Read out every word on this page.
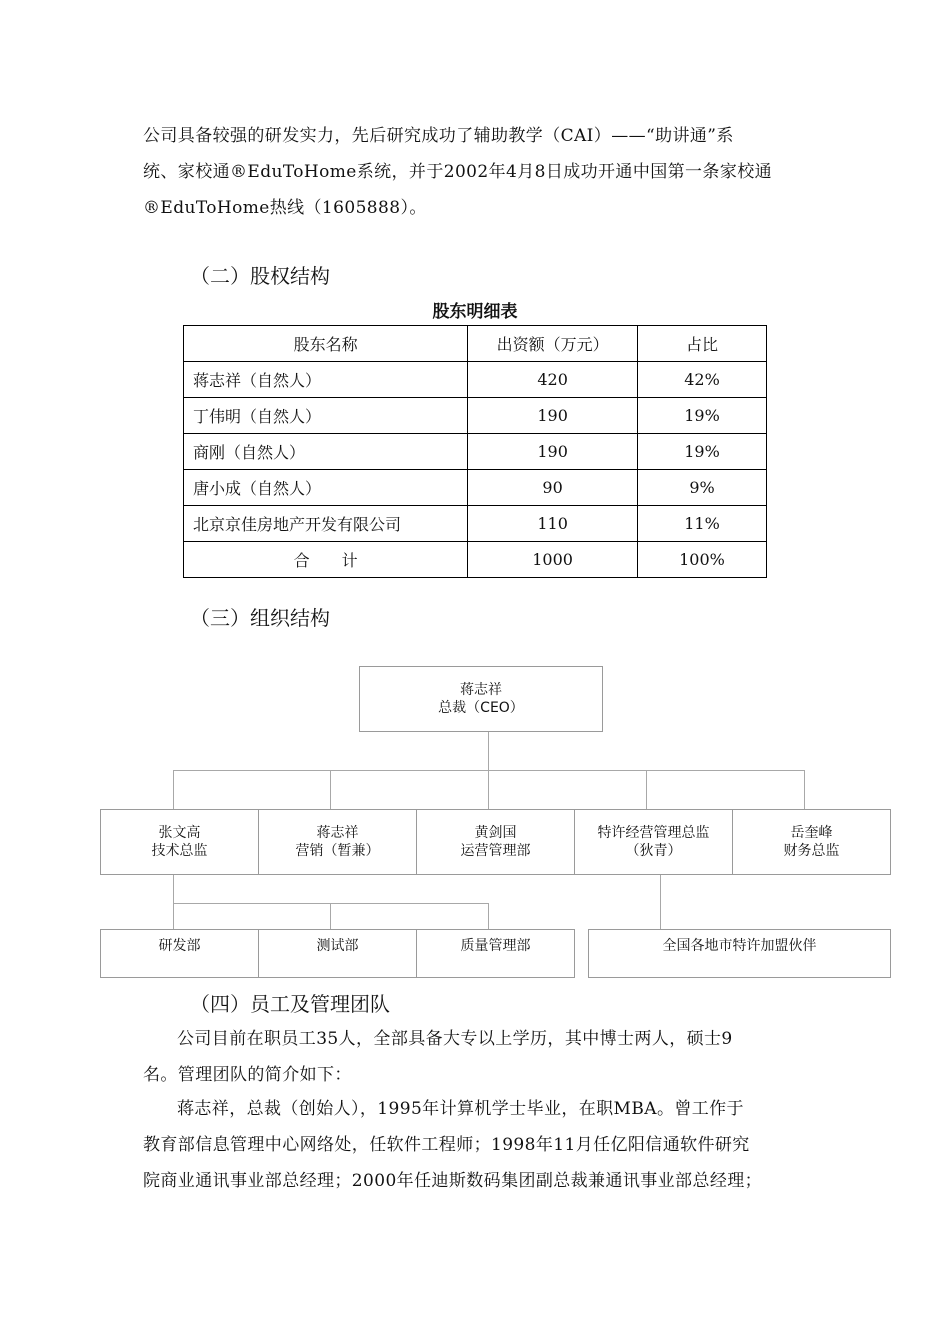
公司具备较强的研发实力，先后研究成功了辅助教学（CAI）——“助讲通”系
统、家校通®EduToHome系统，并于2002年4月8日成功开通中国第一条家校通
®EduToHome热线（1605888）。

（二）股权结构
股东明细表
股东名称	出资额（万元）	占比
蒋志祥（自然人）	420	42%
丁伟明（自然人）	190	19%
商刚（自然人）	190	19%
唐小成（自然人）	90	9%
北京京佳房地产开发有限公司	110	11%
合　　计	1000	100%
（三）组织结构
蒋志祥
总裁（CEO）
张文高
技术总监
蒋志祥
营销（暂兼）
黄剑国
运营管理部
特许经营管理总监
（狄青）
岳奎峰
财务总监
研发部	测试部	质量管理部	全国各地市特许加盟伙伴
（四）员工及管理团队

公司目前在职员工35人，全部具备大专以上学历，其中博士两人，硕士9
名。管理团队的简介如下：

蒋志祥，总裁（创始人），1995年计算机学士毕业，在职MBA。曾工作于
教育部信息管理中心网络处，任软件工程师；1998年11月任亿阳信通软件研究
院商业通讯事业部总经理；2000年任迪斯数码集团副总裁兼通讯事业部总经理；
